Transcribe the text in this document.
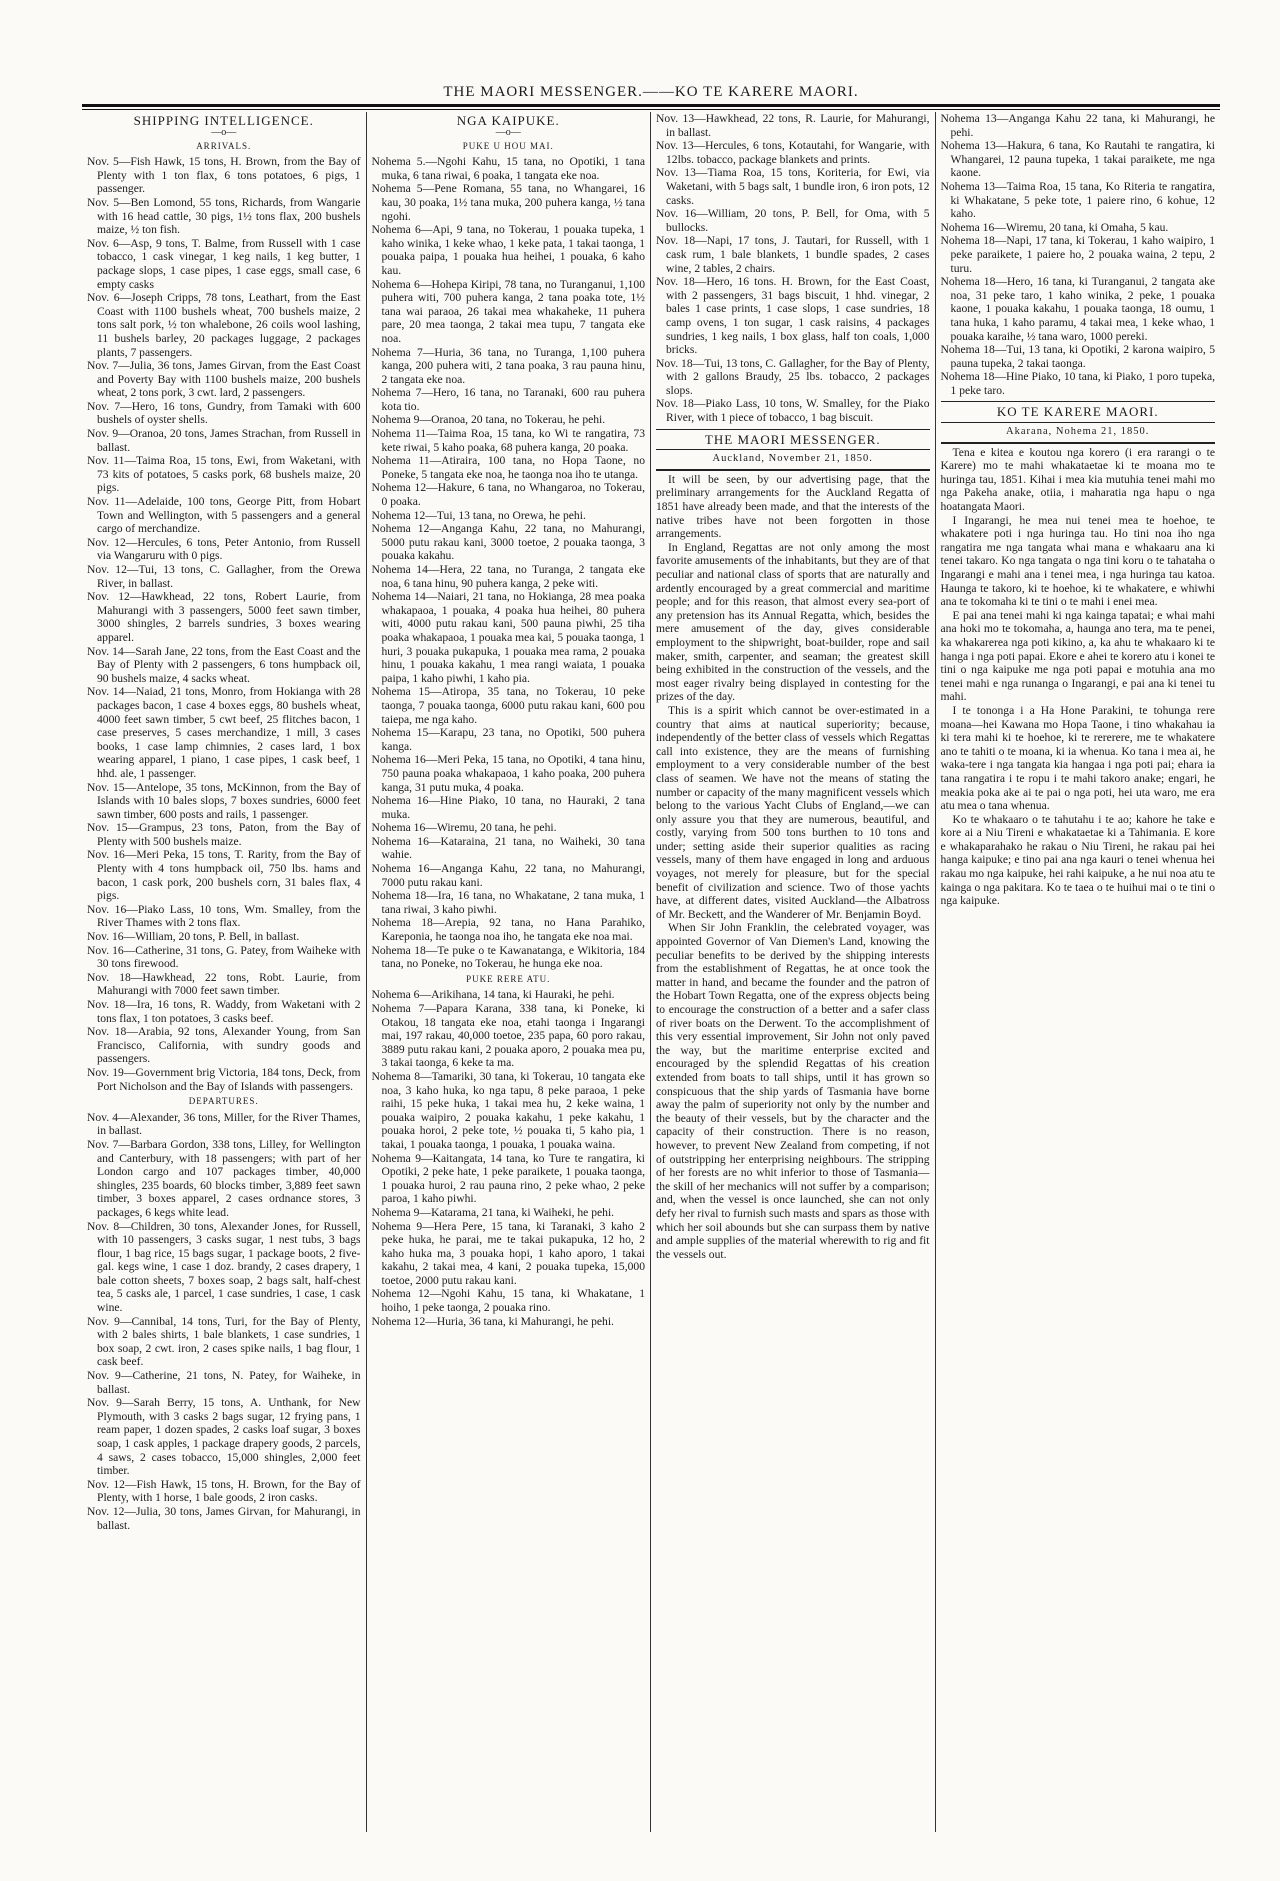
THE MAORI MESSENGER.——KO TE KARERE MAORI.
SHIPPING INTELLIGENCE.
—o—
ARRIVALS.

Nov. 5—Fish Hawk, 15 tons, H. Brown, from the Bay of Plenty with 1 ton flax, 6 tons potatoes, 6 pigs, 1 passenger.

Nov. 5—Ben Lomond, 55 tons, Richards, from Wangarie with 16 head cattle, 30 pigs, 1½ tons flax, 200 bushels maize, ½ ton fish.

Nov. 6—Asp, 9 tons, T. Balme, from Russell with 1 case tobacco, 1 cask vinegar, 1 keg nails, 1 keg butter, 1 package slops, 1 case pipes, 1 case eggs, small case, 6 empty casks

Nov. 6—Joseph Cripps, 78 tons, Leathart, from the East Coast with 1100 bushels wheat, 700 bushels maize, 2 tons salt pork, ½ ton whalebone, 26 coils wool lashing, 11 bushels barley, 20 packages luggage, 2 packages plants, 7 passengers.

Nov. 7—Julia, 36 tons, James Girvan, from the East Coast and Poverty Bay with 1100 bushels maize, 200 bushels wheat, 2 tons pork, 3 cwt. lard, 2 passengers.

Nov. 7—Hero, 16 tons, Gundry, from Tamaki with 600 bushels of oyster shells.

Nov. 9—Oranoa, 20 tons, James Strachan, from Russell in ballast.

Nov. 11—Taima Roa, 15 tons, Ewi, from Waketani, with 73 kits of potatoes, 5 casks pork, 68 bushels maize, 20 pigs.

Nov. 11—Adelaide, 100 tons, George Pitt, from Hobart Town and Wellington, with 5 passengers and a general cargo of merchandize.

Nov. 12—Hercules, 6 tons, Peter Antonio, from Russell via Wangaruru with 0 pigs.

Nov. 12—Tui, 13 tons, C. Gallagher, from the Orewa River, in ballast.

Nov. 12—Hawkhead, 22 tons, Robert Laurie, from Mahurangi with 3 passengers, 5000 feet sawn timber, 3000 shingles, 2 barrels sundries, 3 boxes wearing apparel.

Nov. 14—Sarah Jane, 22 tons, from the East Coast and the Bay of Plenty with 2 passengers, 6 tons humpback oil, 90 bushels maize, 4 sacks wheat.

Nov. 14—Naiad, 21 tons, Monro, from Hokianga with 28 packages bacon, 1 case 4 boxes eggs, 80 bushels wheat, 4000 feet sawn timber, 5 cwt beef, 25 flitches bacon, 1 case preserves, 5 cases merchandize, 1 mill, 3 cases books, 1 case lamp chimnies, 2 cases lard, 1 box wearing apparel, 1 piano, 1 case pipes, 1 cask beef, 1 hhd. ale, 1 passenger.

Nov. 15—Antelope, 35 tons, McKinnon, from the Bay of Islands with 10 bales slops, 7 boxes sundries, 6000 feet sawn timber, 600 posts and rails, 1 passenger.

Nov. 15—Grampus, 23 tons, Paton, from the Bay of Plenty with 500 bushels maize.

Nov. 16—Meri Peka, 15 tons, T. Rarity, from the Bay of Plenty with 4 tons humpback oil, 750 lbs. hams and bacon, 1 cask pork, 200 bushels corn, 31 bales flax, 4 pigs.

Nov. 16—Piako Lass, 10 tons, Wm. Smalley, from the River Thames with 2 tons flax.

Nov. 16—William, 20 tons, P. Bell, in ballast.

Nov. 16—Catherine, 31 tons, G. Patey, from Waiheke with 30 tons firewood.

Nov. 18—Hawkhead, 22 tons, Robt. Laurie, from Mahurangi with 7000 feet sawn timber.

Nov. 18—Ira, 16 tons, R. Waddy, from Waketani with 2 tons flax, 1 ton potatoes, 3 casks beef.

Nov. 18—Arabia, 92 tons, Alexander Young, from San Francisco, California, with sundry goods and passengers.

Nov. 19—Government brig Victoria, 184 tons, Deck, from Port Nicholson and the Bay of Islands with passengers.

DEPARTURES.

Nov. 4—Alexander, 36 tons, Miller, for the River Thames, in ballast.

Nov. 7—Barbara Gordon, 338 tons, Lilley, for Wellington and Canterbury, with 18 passengers; with part of her London cargo and 107 packages timber, 40,000 shingles, 235 boards, 60 blocks timber, 3,889 feet sawn timber, 3 boxes apparel, 2 cases ordnance stores, 3 packages, 6 kegs white lead.

Nov. 8—Children, 30 tons, Alexander Jones, for Russell, with 10 passengers, 3 casks sugar, 1 nest tubs, 3 bags flour, 1 bag rice, 15 bags sugar, 1 package boots, 2 five-gal. kegs wine, 1 case 1 doz. brandy, 2 cases drapery, 1 bale cotton sheets, 7 boxes soap, 2 bags salt, half-chest tea, 5 casks ale, 1 parcel, 1 case sundries, 1 case, 1 cask wine.

Nov. 9—Cannibal, 14 tons, Turi, for the Bay of Plenty, with 2 bales shirts, 1 bale blankets, 1 case sundries, 1 box soap, 2 cwt. iron, 2 cases spike nails, 1 bag flour, 1 cask beef.

Nov. 9—Catherine, 21 tons, N. Patey, for Waiheke, in ballast.

Nov. 9—Sarah Berry, 15 tons, A. Unthank, for New Plymouth, with 3 casks 2 bags sugar, 12 frying pans, 1 ream paper, 1 dozen spades, 2 casks loaf sugar, 3 boxes soap, 1 cask apples, 1 package drapery goods, 2 parcels, 4 saws, 2 cases tobacco, 15,000 shingles, 2,000 feet timber.

Nov. 12—Fish Hawk, 15 tons, H. Brown, for the Bay of Plenty, with 1 horse, 1 bale goods, 2 iron casks.

Nov. 12—Julia, 30 tons, James Girvan, for Mahurangi, in ballast.

NGA KAIPUKE.
—o—
PUKE U HOU MAI.

Nohema 5.—Ngohi Kahu, 15 tana, no Opotiki, 1 tana muka, 6 tana riwai, 6 poaka, 1 tangata eke noa.

Nohema 5—Pene Romana, 55 tana, no Whangarei, 16 kau, 30 poaka, 1½ tana muka, 200 puhera kanga, ½ tana ngohi.

Nohema 6—Api, 9 tana, no Tokerau, 1 pouaka tupeka, 1 kaho winika, 1 keke whao, 1 keke pata, 1 takai taonga, 1 pouaka paipa, 1 pouaka hua heihei, 1 pouaka, 6 kaho kau.

Nohema 6—Hohepa Kiripi, 78 tana, no Turanganui, 1,100 puhera witi, 700 puhera kanga, 2 tana poaka tote, 1½ tana wai paraoa, 26 takai mea whakaheke, 11 puhera pare, 20 mea taonga, 2 takai mea tupu, 7 tangata eke noa.

Nohema 7—Huria, 36 tana, no Turanga, 1,100 puhera kanga, 200 puhera witi, 2 tana poaka, 3 rau pauna hinu, 2 tangata eke noa.

Nohema 7—Hero, 16 tana, no Taranaki, 600 rau puhera kota tio.

Nohema 9—Oranoa, 20 tana, no Tokerau, he pehi.

Nohema 11—Taima Roa, 15 tana, ko Wi te rangatira, 73 kete riwai, 5 kaho poaka, 68 puhera kanga, 20 poaka.

Nohema 11—Atiraira, 100 tana, no Hopa Taone, no Poneke, 5 tangata eke noa, he taonga noa iho te utanga.

Nohema 12—Hakure, 6 tana, no Whangaroa, no Tokerau, 0 poaka.

Nohema 12—Tui, 13 tana, no Orewa, he pehi.

Nohema 12—Anganga Kahu, 22 tana, no Mahurangi, 5000 putu rakau kani, 3000 toetoe, 2 pouaka taonga, 3 pouaka kakahu.

Nohema 14—Hera, 22 tana, no Turanga, 2 tangata eke noa, 6 tana hinu, 90 puhera kanga, 2 peke witi.

Nohema 14—Naiari, 21 tana, no Hokianga, 28 mea poaka whakapaoa, 1 pouaka, 4 poaka hua heihei, 80 puhera witi, 4000 putu rakau kani, 500 pauna piwhi, 25 tiha poaka whakapaoa, 1 pouaka mea kai, 5 pouaka taonga, 1 huri, 3 pouaka pukapuka, 1 pouaka mea rama, 2 pouaka hinu, 1 pouaka kakahu, 1 mea rangi waiata, 1 pouaka paipa, 1 kaho piwhi, 1 kaho pia.

Nohema 15—Atiropa, 35 tana, no Tokerau, 10 peke taonga, 7 pouaka taonga, 6000 putu rakau kani, 600 pou taiepa, me nga kaho.

Nohema 15—Karapu, 23 tana, no Opotiki, 500 puhera kanga.

Nohema 16—Meri Peka, 15 tana, no Opotiki, 4 tana hinu, 750 pauna poaka whakapaoa, 1 kaho poaka, 200 puhera kanga, 31 putu muka, 4 poaka.

Nohema 16—Hine Piako, 10 tana, no Hauraki, 2 tana muka.

Nohema 16—Wiremu, 20 tana, he pehi.

Nohema 16—Kataraina, 21 tana, no Waiheki, 30 tana wahie.

Nohema 16—Anganga Kahu, 22 tana, no Mahurangi, 7000 putu rakau kani.

Nohema 18—Ira, 16 tana, no Whakatane, 2 tana muka, 1 tana riwai, 3 kaho piwhi.

Nohema 18—Arepia, 92 tana, no Hana Parahiko, Kareponia, he taonga noa iho, he tangata eke noa mai.

Nohema 18—Te puke o te Kawanatanga, e Wikitoria, 184 tana, no Poneke, no Tokerau, he hunga eke noa.

PUKE RERE ATU.

Nohema 6—Arikihana, 14 tana, ki Hauraki, he pehi.

Nohema 7—Papara Karana, 338 tana, ki Poneke, ki Otakou, 18 tangata eke noa, etahi taonga i Ingarangi mai, 197 rakau, 40,000 toetoe, 235 papa, 60 poro rakau, 3889 putu rakau kani, 2 pouaka aporo, 2 pouaka mea pu, 3 takai taonga, 6 keke ta ma.

Nohema 8—Tamariki, 30 tana, ki Tokerau, 10 tangata eke noa, 3 kaho huka, ko nga tapu, 8 peke paraoa, 1 peke raihi, 15 peke huka, 1 takai mea hu, 2 keke waina, 1 pouaka waipiro, 2 pouaka kakahu, 1 peke kakahu, 1 pouaka horoi, 2 peke tote, ½ pouaka ti, 5 kaho pia, 1 takai, 1 pouaka taonga, 1 pouaka, 1 pouaka waina.

Nohema 9—Kaitangata, 14 tana, ko Ture te rangatira, ki Opotiki, 2 peke hate, 1 peke paraikete, 1 pouaka taonga, 1 pouaka huroi, 2 rau pauna rino, 2 peke whao, 2 peke paroa, 1 kaho piwhi.

Nohema 9—Katarama, 21 tana, ki Waiheki, he pehi.

Nohema 9—Hera Pere, 15 tana, ki Taranaki, 3 kaho 2 peke huka, he parai, me te takai pukapuka, 12 ho, 2 kaho huka ma, 3 pouaka hopi, 1 kaho aporo, 1 takai kakahu, 2 takai mea, 4 kani, 2 pouaka tupeka, 15,000 toetoe, 2000 putu rakau kani.

Nohema 12—Ngohi Kahu, 15 tana, ki Whakatane, 1 hoiho, 1 peke taonga, 2 pouaka rino.

Nohema 12—Huria, 36 tana, ki Mahurangi, he pehi.

Nov. 13—Hawkhead, 22 tons, R. Laurie, for Mahurangi, in ballast.

Nov. 13—Hercules, 6 tons, Kotautahi, for Wangarie, with 12lbs. tobacco, package blankets and prints.

Nov. 13—Tiama Roa, 15 tons, Koriteria, for Ewi, via Waketani, with 5 bags salt, 1 bundle iron, 6 iron pots, 12 casks.

Nov. 16—William, 20 tons, P. Bell, for Oma, with 5 bullocks.

Nov. 18—Napi, 17 tons, J. Tautari, for Russell, with 1 cask rum, 1 bale blankets, 1 bundle spades, 2 cases wine, 2 tables, 2 chairs.

Nov. 18—Hero, 16 tons. H. Brown, for the East Coast, with 2 passengers, 31 bags biscuit, 1 hhd. vinegar, 2 bales 1 case prints, 1 case slops, 1 case sundries, 18 camp ovens, 1 ton sugar, 1 cask raisins, 4 packages sundries, 1 keg nails, 1 box glass, half ton coals, 1,000 bricks.

Nov. 18—Tui, 13 tons, C. Gallagher, for the Bay of Plenty, with 2 gallons Braudy, 25 lbs. tobacco, 2 packages slops.

Nov. 18—Piako Lass, 10 tons, W. Smalley, for the Piako River, with 1 piece of tobacco, 1 bag biscuit.

THE MAORI MESSENGER.
Auckland, November 21, 1850.

It will be seen, by our advertising page, that the preliminary arrangements for the Auckland Regatta of 1851 have already been made, and that the interests of the native tribes have not been forgotten in those arrangements.

In England, Regattas are not only among the most favorite amusements of the inhabitants, but they are of that peculiar and national class of sports that are naturally and ardently encouraged by a great commercial and maritime people; and for this reason, that almost every sea-port of any pretension has its Annual Regatta, which, besides the mere amusement of the day, gives considerable employment to the shipwright, boat-builder, rope and sail maker, smith, carpenter, and seaman; the greatest skill being exhibited in the construction of the vessels, and the most eager rivalry being displayed in contesting for the prizes of the day.

This is a spirit which cannot be over-estimated in a country that aims at nautical superiority; because, independently of the better class of vessels which Regattas call into existence, they are the means of furnishing employment to a very considerable number of the best class of seamen. We have not the means of stating the number or capacity of the many magnificent vessels which belong to the various Yacht Clubs of England,—we can only assure you that they are numerous, beautiful, and costly, varying from 500 tons burthen to 10 tons and under; setting aside their superior qualities as racing vessels, many of them have engaged in long and arduous voyages, not merely for pleasure, but for the special benefit of civilization and science. Two of those yachts have, at different dates, visited Auckland—the Albatross of Mr. Beckett, and the Wanderer of Mr. Benjamin Boyd.

When Sir John Franklin, the celebrated voyager, was appointed Governor of Van Diemen's Land, knowing the peculiar benefits to be derived by the shipping interests from the establishment of Regattas, he at once took the matter in hand, and became the founder and the patron of the Hobart Town Regatta, one of the express objects being to encourage the construction of a better and a safer class of river boats on the Derwent. To the accomplishment of this very essential improvement, Sir John not only paved the way, but the maritime enterprise excited and encouraged by the splendid Regattas of his creation extended from boats to tall ships, until it has grown so conspicuous that the ship yards of Tasmania have borne away the palm of superiority not only by the number and the beauty of their vessels, but by the character and the capacity of their construction. There is no reason, however, to prevent New Zealand from competing, if not of outstripping her enterprising neighbours. The stripping of her forests are no whit inferior to those of Tasmania—the skill of her mechanics will not suffer by a comparison; and, when the vessel is once launched, she can not only defy her rival to furnish such masts and spars as those with which her soil abounds but she can surpass them by native and ample supplies of the material wherewith to rig and fit the vessels out.

Nohema 13—Anganga Kahu 22 tana, ki Mahurangi, he pehi.

Nohema 13—Hakura, 6 tana, Ko Rautahi te rangatira, ki Whangarei, 12 pauna tupeka, 1 takai paraikete, me nga kaone.

Nohema 13—Taima Roa, 15 tana, Ko Riteria te rangatira, ki Whakatane, 5 peke tote, 1 paiere rino, 6 kohue, 12 kaho.

Nohema 16—Wiremu, 20 tana, ki Omaha, 5 kau.

Nohema 18—Napi, 17 tana, ki Tokerau, 1 kaho waipiro, 1 peke paraikete, 1 paiere ho, 2 pouaka waina, 2 tepu, 2 turu.

Nohema 18—Hero, 16 tana, ki Turanganui, 2 tangata ake noa, 31 peke taro, 1 kaho winika, 2 peke, 1 pouaka kaone, 1 pouaka kakahu, 1 pouaka taonga, 18 oumu, 1 tana huka, 1 kaho paramu, 4 takai mea, 1 keke whao, 1 pouaka karaihe, ½ tana waro, 1000 pereki.

Nohema 18—Tui, 13 tana, ki Opotiki, 2 karona waipiro, 5 pauna tupeka, 2 takai taonga.

Nohema 18—Hine Piako, 10 tana, ki Piako, 1 poro tupeka, 1 peke taro.

KO TE KARERE MAORI.
Akarana, Nohema 21, 1850.

Tena e kitea e koutou nga korero (i era rarangi o te Karere) mo te mahi whakataetae ki te moana mo te huringa tau, 1851. Kihai i mea kia mutuhia tenei mahi mo nga Pakeha anake, otiia, i maharatia nga hapu o nga hoatangata Maori.

I Ingarangi, he mea nui tenei mea te hoehoe, te whakatere poti i nga huringa tau. Ho tini noa iho nga rangatira me nga tangata whai mana e whakaaru ana ki tenei takaro. Ko nga tangata o nga tini koru o te tahataha o Ingarangi e mahi ana i tenei mea, i nga huringa tau katoa. Haunga te takoro, ki te hoehoe, ki te whakatere, e whiwhi ana te tokomaha ki te tini o te mahi i enei mea.

E pai ana tenei mahi ki nga kainga tapatai; e whai mahi ana hoki mo te tokomaha, a, haunga ano tera, ma te penei, ka whakarerea nga poti kikino, a, ka ahu te whakaaro ki te hanga i nga poti papai. Ekore e ahei te korero atu i konei te tini o nga kaipuke me nga poti papai e motuhia ana mo tenei mahi e nga runanga o Ingarangi, e pai ana ki tenei tu mahi.

I te tononga i a Ha Hone Parakini, te tohunga rere moana—hei Kawana mo Hopa Taone, i tino whakahau ia ki tera mahi ki te hoehoe, ki te rererere, me te whakatere ano te tahiti o te moana, ki ia whenua. Ko tana i mea ai, he waka-tere i nga tangata kia hangaa i nga poti pai; ehara ia tana rangatira i te ropu i te mahi takoro anake; engari, he meakia poka ake ai te pai o nga poti, hei uta waro, me era atu mea o tana whenua.

Ko te whakaaro o te tahutahu i te ao; kahore he take e kore ai a Niu Tireni e whakataetae ki a Tahimania. E kore e whakaparahako he rakau o Niu Tireni, he rakau pai hei hanga kaipuke; e tino pai ana nga kauri o tenei whenua hei rakau mo nga kaipuke, hei rahi kaipuke, a he nui noa atu te kainga o nga pakitara. Ko te taea o te huihui mai o te tini o nga kaipuke.
